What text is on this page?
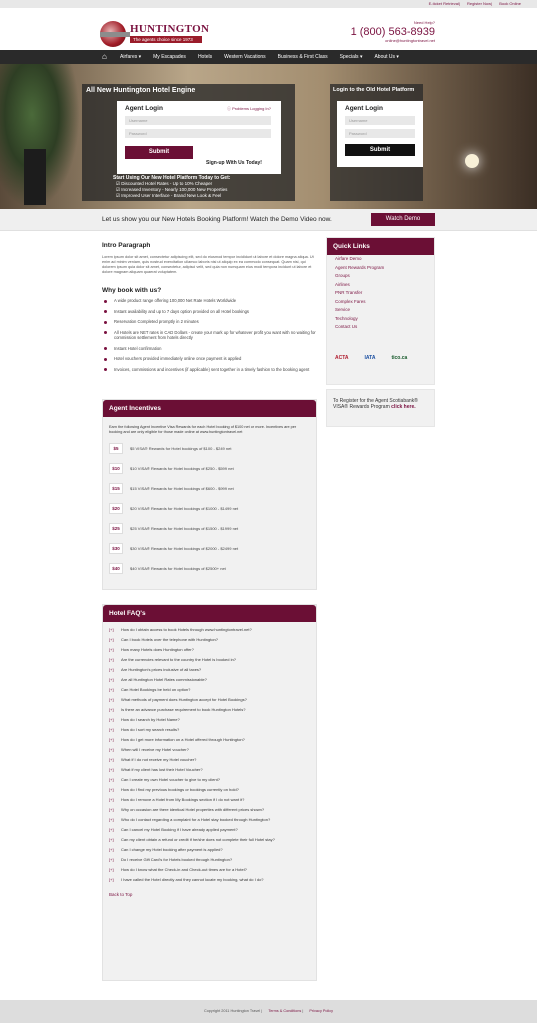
E-ticket Retrieval| Register Now| Book Online
HUNTINGTON
The agents choice since 1973
Need Help?
1 (800) 563-8939
online@huntingtontravel.net
⌂	Airfares ▾	My Escapades	Hotels	Western Vacations	Business & First Class	Specials ▾	About Us ▾
All New Huntington Hotel Engine
Agent Login	ⓘ Problems Logging In?
Username
Password
Submit
Sign-up With Us Today!
Start Using Our New Hotel Platform Today to Get:
☑ Discounted Hotel Rates - Up to 10% Cheaper
☑ Increased Inventory - Nearly 100,000 New Properties
☑ Improved User Interface - Brand New Look & Feel
Login to the Old Hotel Platform
Agent Login
Username
Password
Submit
Let us show you our New Hotels Booking Platform! Watch the Demo Video now.	Watch Demo
Intro Paragraph
Lorem ipsum dolor sit amet, consectetur adipiscing elit, sed do eiusmod tempor incididunt ut labore et dolore magna aliqua. Ut enim ad minim veniam, quis nostrud exercitation ullamco laboris nisi ut aliquip ex ea commodo consequat. Quam nisi, qui dolorem ipsum quia dolor sit amet, consectetur, adipisci velit, sed quia non numquam eius modi tempora incidunt ut labore et dolore magnam aliquam quaerat voluptatem.
Why book with us?
A wide product range offering 100,000 Net Rate Hotels Worldwide
Instant availability and up to 7 days option provided on all Hotel bookings
Reservation Completed promptly in 2 minutes
All Hotels are NET rates in CAD Dollars - create your mark up for whatever profit you want with no waiting for commission settlement from hotels directly
Instant Hotel confirmation
Hotel vouchers provided immediately online once payment is applied
Invoices, commissions and incentives (if applicable) sent together in a timely fashion to the booking agent
Agent Incentives
Earn the following Agent Incentive Visa Rewards for each Hotel booking of $100 net or more. Incentives are per booking and are only eligible for those made online at www.huntingtontravel.net
$5	$5 VISA® Rewards for Hotel bookings of $100 - $249 net
$10	$10 VISA® Rewards for Hotel bookings of $250 - $599 net
$15	$15 VISA® Rewards for Hotel bookings of $600 - $999 net
$20	$20 VISA® Rewards for Hotel bookings of $1000 - $1499 net
$25	$25 VISA® Rewards for Hotel bookings of $1500 - $1999 net
$30	$30 VISA® Rewards for Hotel bookings of $2000 - $2499 net
$40	$40 VISA® Rewards for Hotel bookings of $2500+ net
Hotel FAQ's
[+] How do I obtain access to book Hotels through www.huntingtontravel.net?
[+] Can I book Hotels over the telephone with Huntington?
[+] How many Hotels does Huntington offer?
[+] Are the currencies relevant to the country the Hotel is booked in?
[+] Are Huntington's prices inclusive of all taxes?
[+] Are all Huntington Hotel Rates commissionable?
[+] Can Hotel Bookings be held on option?
[+] What methods of payment does Huntington accept for Hotel Bookings?
[+] Is there an advance purchase requirement to book Huntington Hotels?
[+] How do I search by Hotel Name?
[+] How do I sort my search results?
[+] How do I get more information on a Hotel offered through Huntington?
[+] When will I receive my Hotel voucher?
[+] What if I do not receive my Hotel voucher?
[+] What if my client has lost their Hotel Voucher?
[+] Can I create my own Hotel voucher to give to my client?
[+] How do I find my previous bookings or bookings currently on hold?
[+] How do I remove a Hotel from My Bookings section if I do not want it?
[+] Why on occasion are there identical Hotel properties with different prices shown?
[+] Who do I contact regarding a complaint for a Hotel stay booked through Huntington?
[+] Can I cancel my Hotel Booking if I have already applied payment?
[+] Can my client obtain a refund or credit if he/she does not complete their full Hotel stay?
[+] Can I change my Hotel booking after payment is applied?
[+] Do I receive Gift Card's for Hotels booked through Huntington?
[+] How do I know what the Check-in and Check-out times are for a Hotel?
[+] I have called the Hotel directly and they cannot locate my booking, what do I do?
Back to Top
Quick Links
Airfare Demo
Agent Rewards Program
Groups
Airlines
PNR Transfer
Complex Fares
Service
Technology
Contact Us
ACTA	IATA	tico.ca
To Register for the Agent Scotiabank® VISA® Rewards Program click here.
Copyright 2011 Huntington Travel | Terms & Conditions | Privacy Policy
